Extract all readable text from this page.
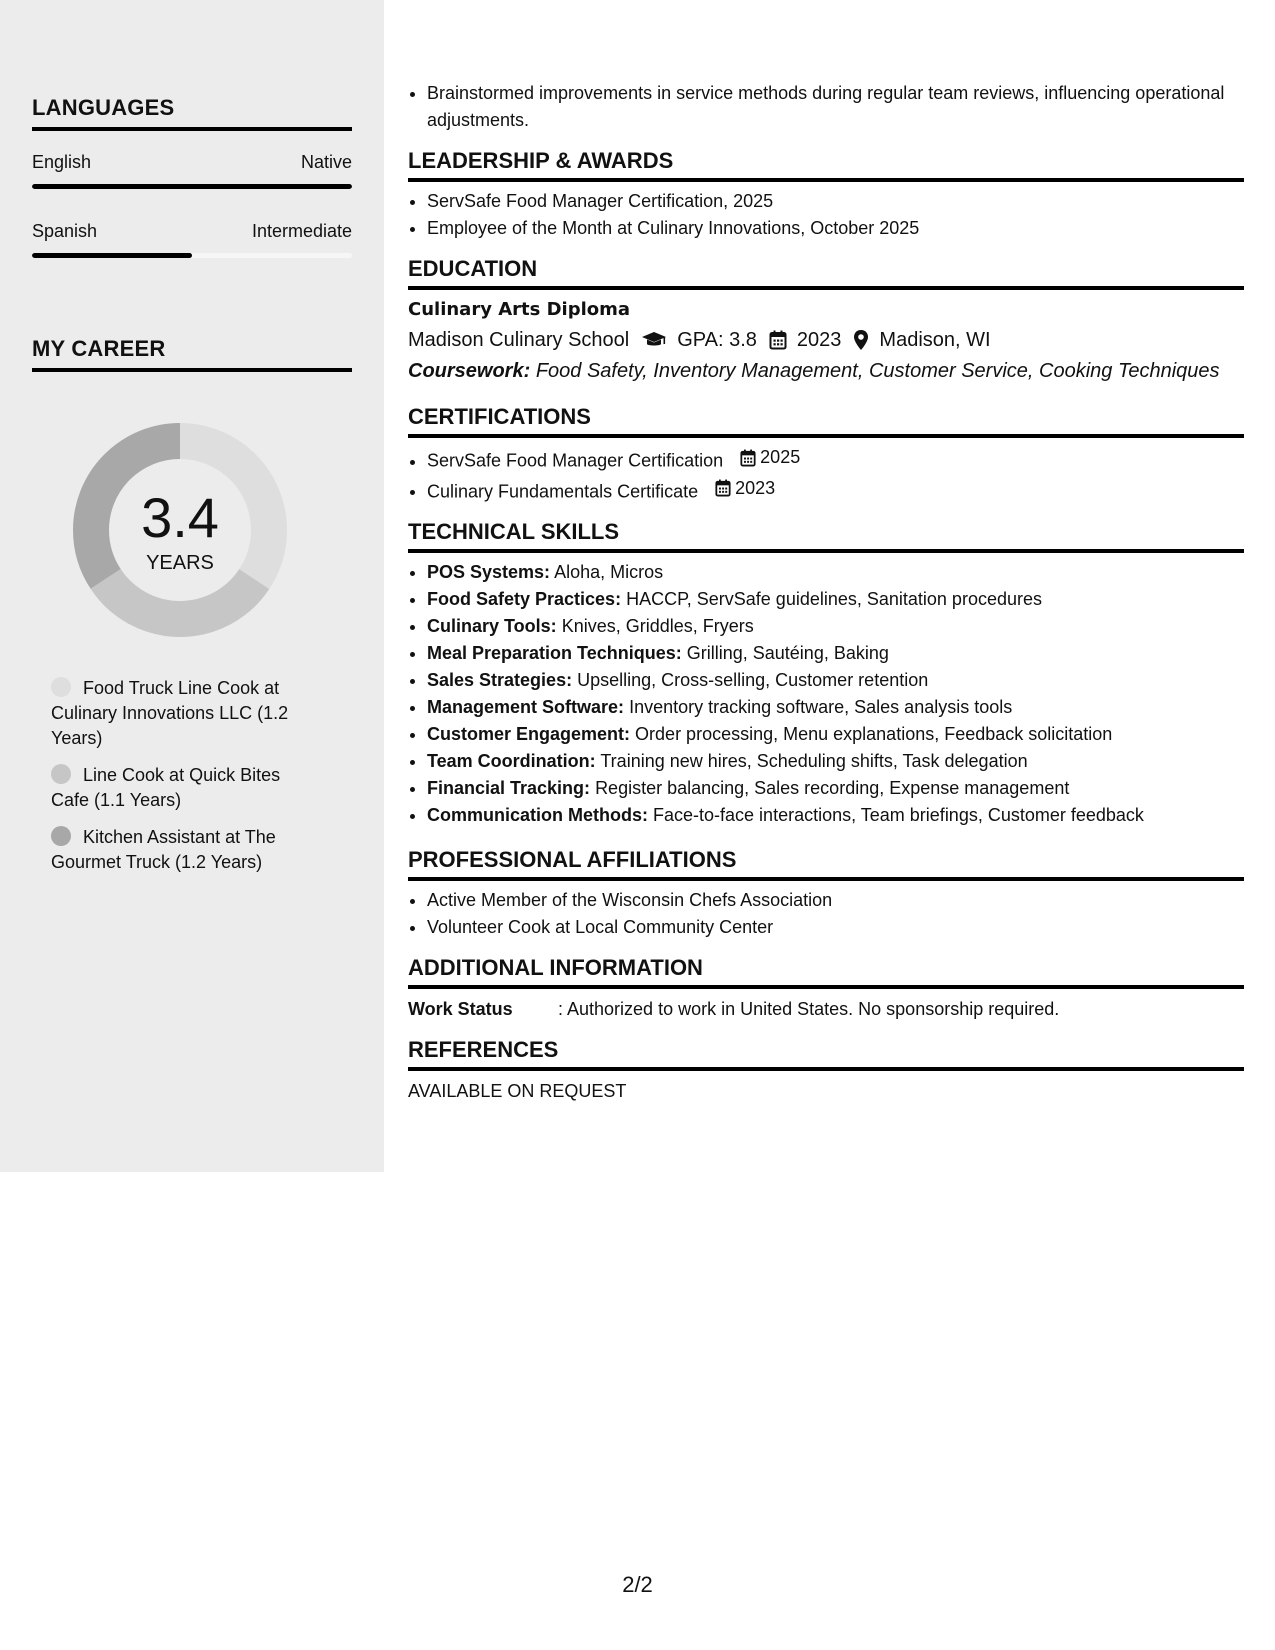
LANGUAGES
English	Native
Spanish	Intermediate
MY CAREER
3.4
YEARS
Food Truck Line Cook at Culinary Innovations LLC (1.2 Years)
Line Cook at Quick Bites Cafe (1.1 Years)
Kitchen Assistant at The Gourmet Truck (1.2 Years)
• Brainstormed improvements in service methods during regular team reviews, influencing operational adjustments.
LEADERSHIP & AWARDS
• ServSafe Food Manager Certification, 2025
• Employee of the Month at Culinary Innovations, October 2025
EDUCATION
Culinary Arts Diploma
Madison Culinary School GPA: 3.8 2023 Madison, WI
Coursework: Food Safety, Inventory Management, Customer Service, Cooking Techniques
CERTIFICATIONS
• ServSafe Food Manager Certification 2025
• Culinary Fundamentals Certificate 2023
TECHNICAL SKILLS
• POS Systems: Aloha, Micros
• Food Safety Practices: HACCP, ServSafe guidelines, Sanitation procedures
• Culinary Tools: Knives, Griddles, Fryers
• Meal Preparation Techniques: Grilling, Sautéing, Baking
• Sales Strategies: Upselling, Cross-selling, Customer retention
• Management Software: Inventory tracking software, Sales analysis tools
• Customer Engagement: Order processing, Menu explanations, Feedback solicitation
• Team Coordination: Training new hires, Scheduling shifts, Task delegation
• Financial Tracking: Register balancing, Sales recording, Expense management
• Communication Methods: Face-to-face interactions, Team briefings, Customer feedback
PROFESSIONAL AFFILIATIONS
• Active Member of the Wisconsin Chefs Association
• Volunteer Cook at Local Community Center
ADDITIONAL INFORMATION
Work Status	: Authorized to work in United States. No sponsorship required.
REFERENCES
AVAILABLE ON REQUEST
2/2
